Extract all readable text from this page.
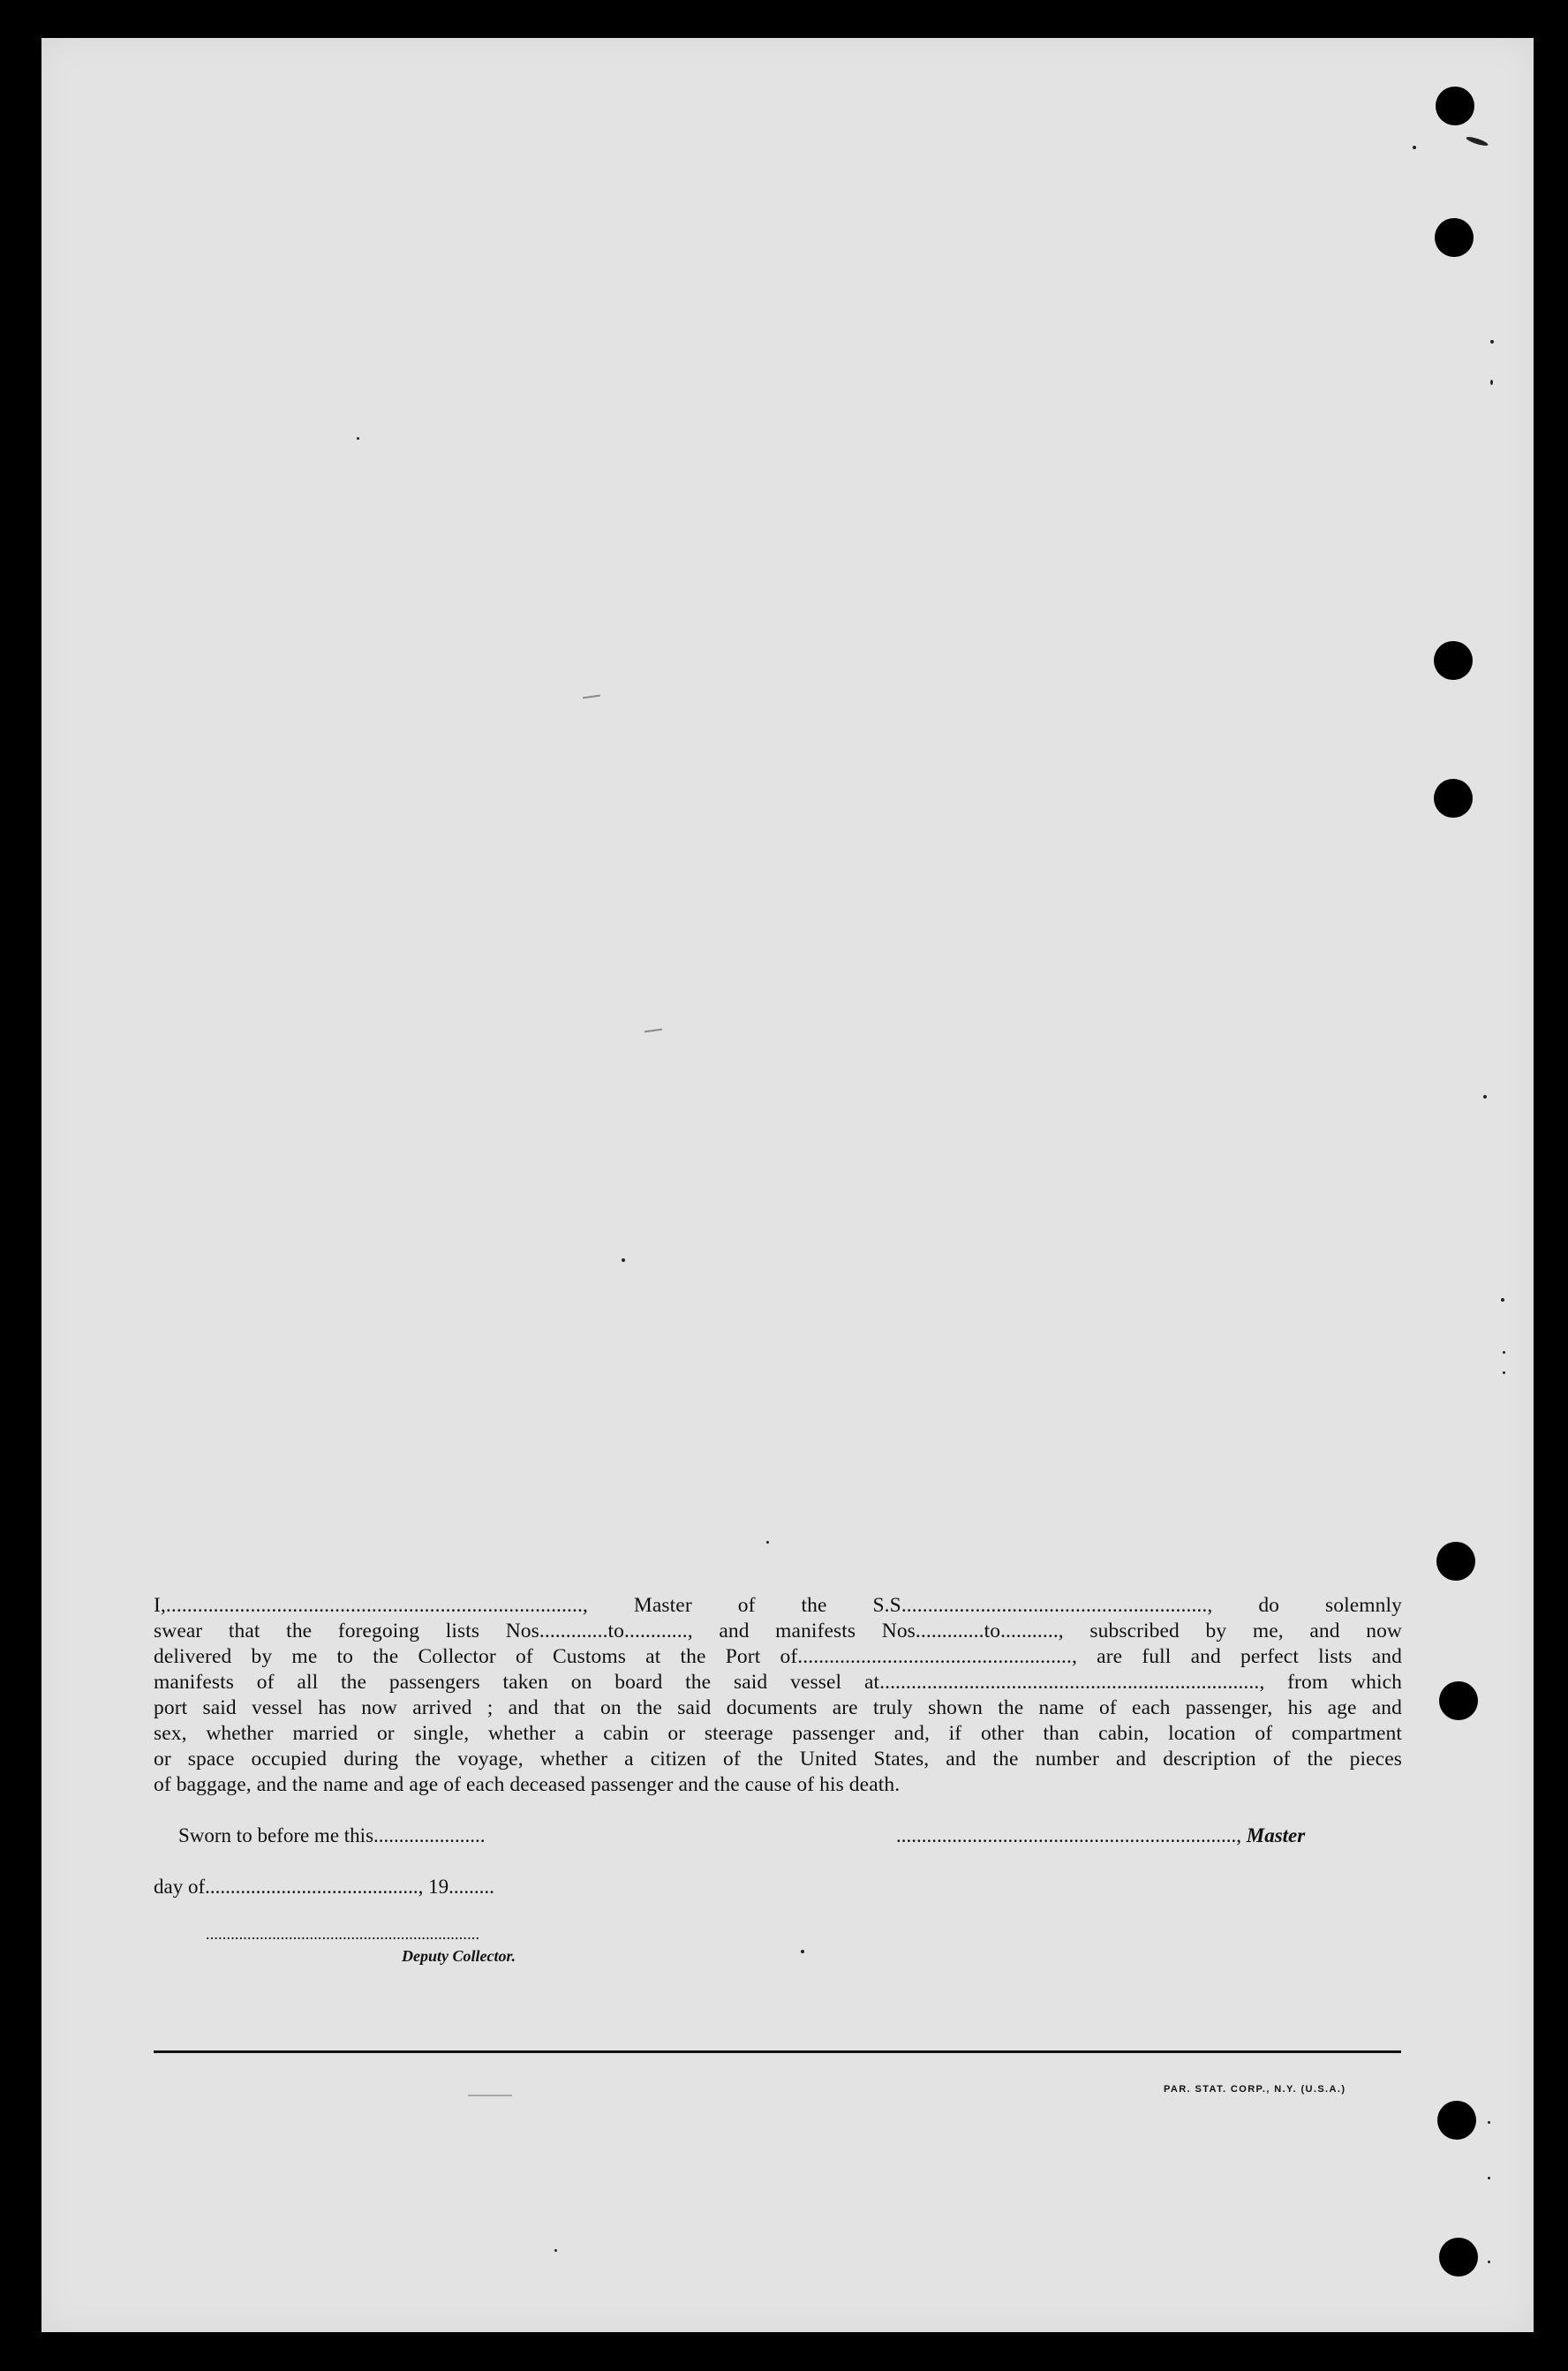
I,..............................................................................., Master of the S.S.........................................................., do solemnly
swear that the foregoing lists Nos.............to............, and manifests Nos.............to..........., subscribed by me, and now
delivered by me to the Collector of Customs at the Port of...................................................., are full and perfect lists and
manifests of all the passengers taken on board the said vessel at........................................................................, from which
port said vessel has now arrived ; and that on the said documents are truly shown the name of each passenger, his age and
sex, whether married or single, whether a cabin or steerage passenger and, if other than cabin, location of compartment
or space occupied during the voyage, whether a citizen of the United States, and the number and description of the pieces
of baggage, and the name and age of each deceased passenger and the cause of his death.
Sworn to before me this......................	..................................................................., Master
day of.........................................., 19.........
..................................................................
Deputy Collector.
PAR. STAT. CORP., N.Y. (U.S.A.)
